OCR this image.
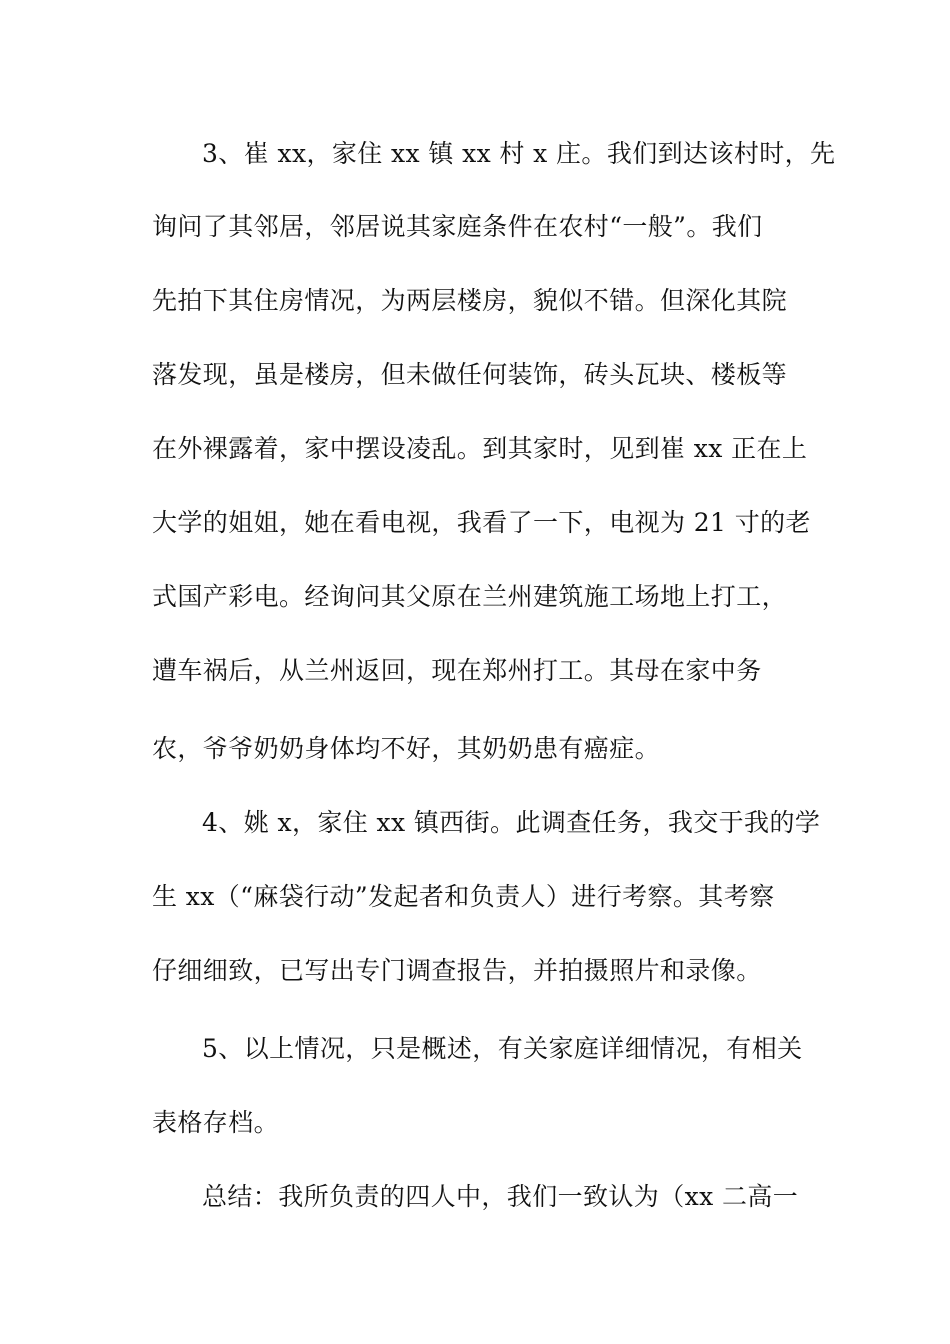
3、崔 xx，家住 xx 镇 xx 村 x 庄。我们到达该村时，先
询问了其邻居，邻居说其家庭条件在农村“一般”。我们
先拍下其住房情况，为两层楼房，貌似不错。但深化其院
落发现，虽是楼房，但未做任何装饰，砖头瓦块、楼板等
在外裸露着，家中摆设凌乱。到其家时，见到崔 xx 正在上
大学的姐姐，她在看电视，我看了一下，电视为 21 寸的老
式国产彩电。经询问其父原在兰州建筑施工场地上打工，
遭车祸后，从兰州返回，现在郑州打工。其母在家中务
农，爷爷奶奶身体均不好，其奶奶患有癌症。
4、姚 x，家住 xx 镇西街。此调查任务，我交于我的学
生 xx（“麻袋行动”发起者和负责人）进行考察。其考察
仔细细致，已写出专门调查报告，并拍摄照片和录像。
5、以上情况，只是概述，有关家庭详细情况，有相关
表格存档。
总结：我所负责的四人中，我们一致认为（xx 二高一
